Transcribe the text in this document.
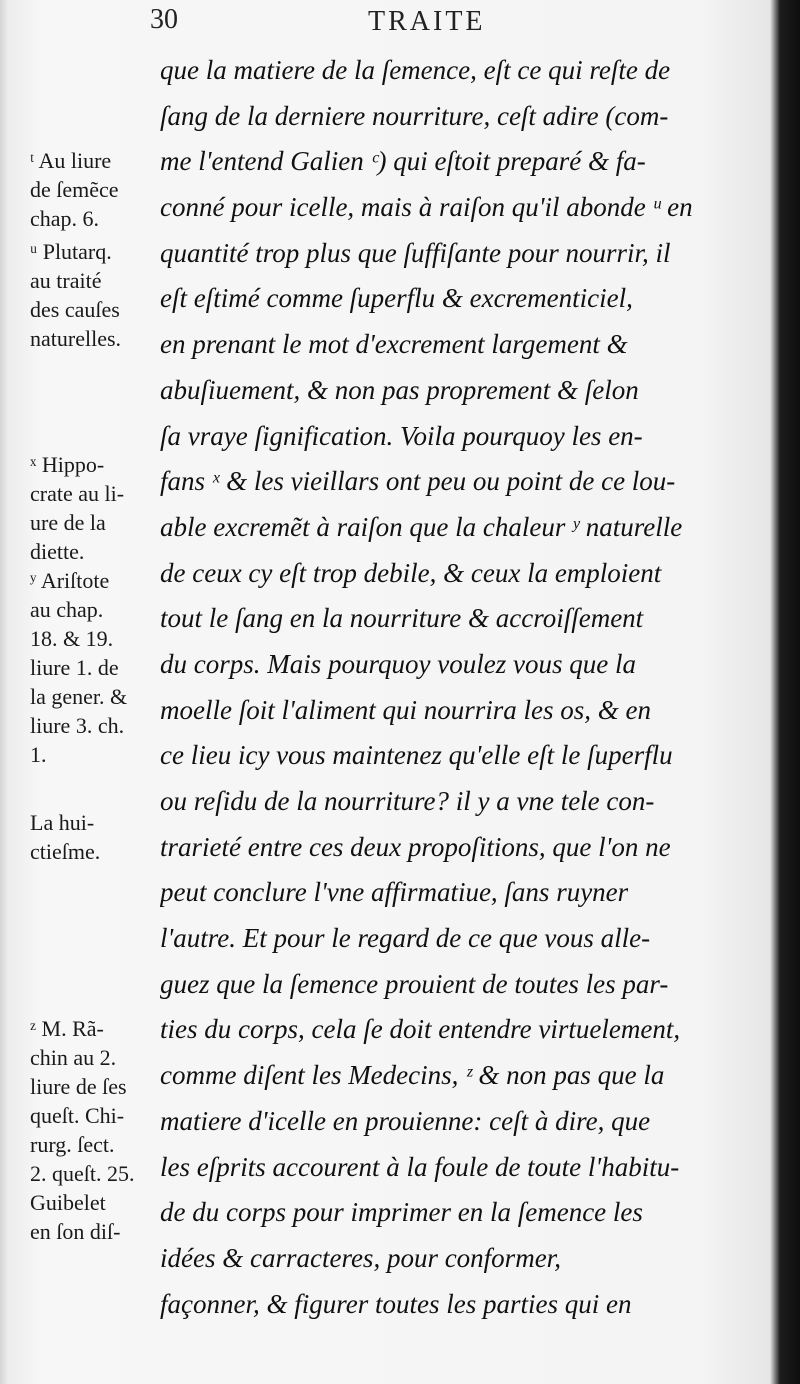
30	TRAITE
ᵗ Au liure
de ſemẽce
chap. 6.
ᵘ Plutarq.
au traité
des cauſes
naturelles.
ˣ Hippo-
crate au li-
ure de la
diette.
ʸ Ariſtote
au chap.
18. & 19.
liure 1. de
la gener. &
liure 3. ch.
1.
La hui-
ctieſme.
ᶻ M. Rã-
chin au 2.
liure de ſes
queſt. Chi-
rurg. ſect.
2. queſt. 25.
Guibelet
en ſon diſ-
que la matiere de la ſemence, eſt ce qui reſte de
ſang de la derniere nourriture, ceſt adire (com-
me l'entend Galien ᶜ) qui eſtoit preparé & fa-
conné pour icelle, mais à raiſon qu'il abonde ᵘ en
quantité trop plus que ſuffiſante pour nourrir, il
eſt eſtimé comme ſuperflu & excrementiciel,
en prenant le mot d'excrement largement &
abuſiuement, & non pas proprement & ſelon
ſa vraye ſignification. Voila pourquoy les en-
fans ˣ & les vieillars ont peu ou point de ce lou-
able excremẽt à raiſon que la chaleur ʸ naturelle
de ceux cy eſt trop debile, & ceux la emploient
tout le ſang en la nourriture & accroiſſement
du corps. Mais pourquoy voulez vous que la
moelle ſoit l'aliment qui nourrira les os, & en
ce lieu icy vous maintenez qu'elle eſt le ſuperflu
ou reſidu de la nourriture? il y a vne tele con-
trarieté entre ces deux propoſitions, que l'on ne
peut conclure l'vne affirmatiue, ſans ruyner
l'autre. Et pour le regard de ce que vous alle-
guez que la ſemence prouient de toutes les par-
ties du corps, cela ſe doit entendre virtuelement,
comme diſent les Medecins, ᶻ & non pas que la
matiere d'icelle en prouienne: ceſt à dire, que
les eſprits accourent à la foule de toute l'habitu-
de du corps pour imprimer en la ſemence les
idées & carracteres, pour conformer,
façonner, & figurer toutes les parties qui en
